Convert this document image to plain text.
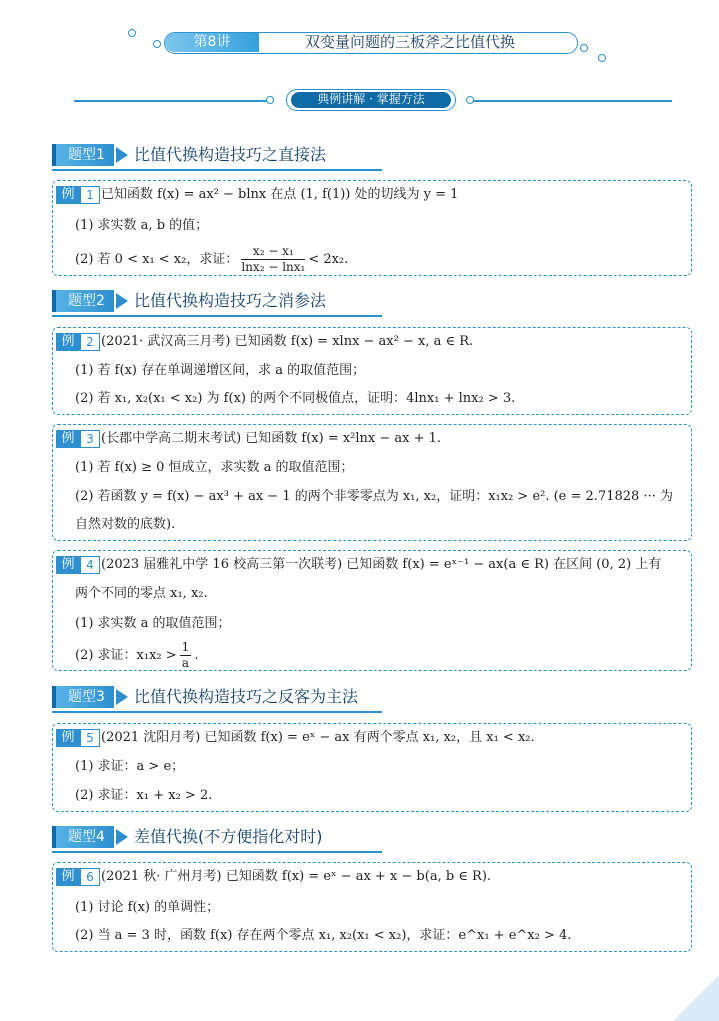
第8讲	双变量问题的三板斧之比值代换
典例讲解 · 掌握方法
题型1	比值代换构造技巧之直接法
例 1 已知函数 f(x) = ax² − blnx 在点 (1, f(1)) 处的切线为 y = 1
(1) 求实数 a, b 的值；
(2) 若 0 < x₁ < x₂，求证： $\frac{\text{x₂ − x₁}}{\text{lnx₂ − lnx₁}} < 2x_2$.
题型2	比值代换构造技巧之消参法
例 2 (2021· 武汉高三月考) 已知函数 f(x) = xlnx − ax² − x, a ∈ R.
(1) 若 f(x) 存在单调递增区间，求 a 的取值范围；
(2) 若 x₁, x₂(x₁ < x₂) 为 f(x) 的两个不同极值点，证明：4lnx₁ + lnx₂ > 3.
例 3 (长郡中学高二期末考试) 已知函数 f(x) = x²lnx − ax + 1.
(1) 若 f(x) ≥ 0 恒成立，求实数 a 的取值范围；
(2) 若函数 y = f(x) − ax³ + ax − 1 的两个非零零点为 x₁, x₂，证明：x₁x₂ > e². (e = 2.71828 ··· 为
自然对数的底数).
例 4 (2023 届雅礼中学 16 校高三第一次联考) 已知函数 f(x) = eˣ⁻¹ − ax(a ∈ R) 在区间 (0, 2) 上有
两个不同的零点 x₁, x₂.
(1) 求实数 a 的取值范围；
(2) 求证：$x_1x_2 > \frac{1}{a}$ .
题型3	比值代换构造技巧之反客为主法
例 5 (2021 沈阳月考) 已知函数 f(x) = eˣ − ax 有两个零点 x₁, x₂，且 x₁ < x₂.
(1) 求证：a > e；
(2) 求证：x₁ + x₂ > 2.
题型4	差值代换(不方便指化对时)
例 6 (2021 秋· 广州月考) 已知函数 f(x) = eˣ − ax + x − b(a, b ∈ R).
(1) 讨论 f(x) 的单调性；
(2) 当 a = 3 时，函数 f(x) 存在两个零点 x₁, x₂(x₁ < x₂)，求证：e^x₁ + e^x₂ > 4.
